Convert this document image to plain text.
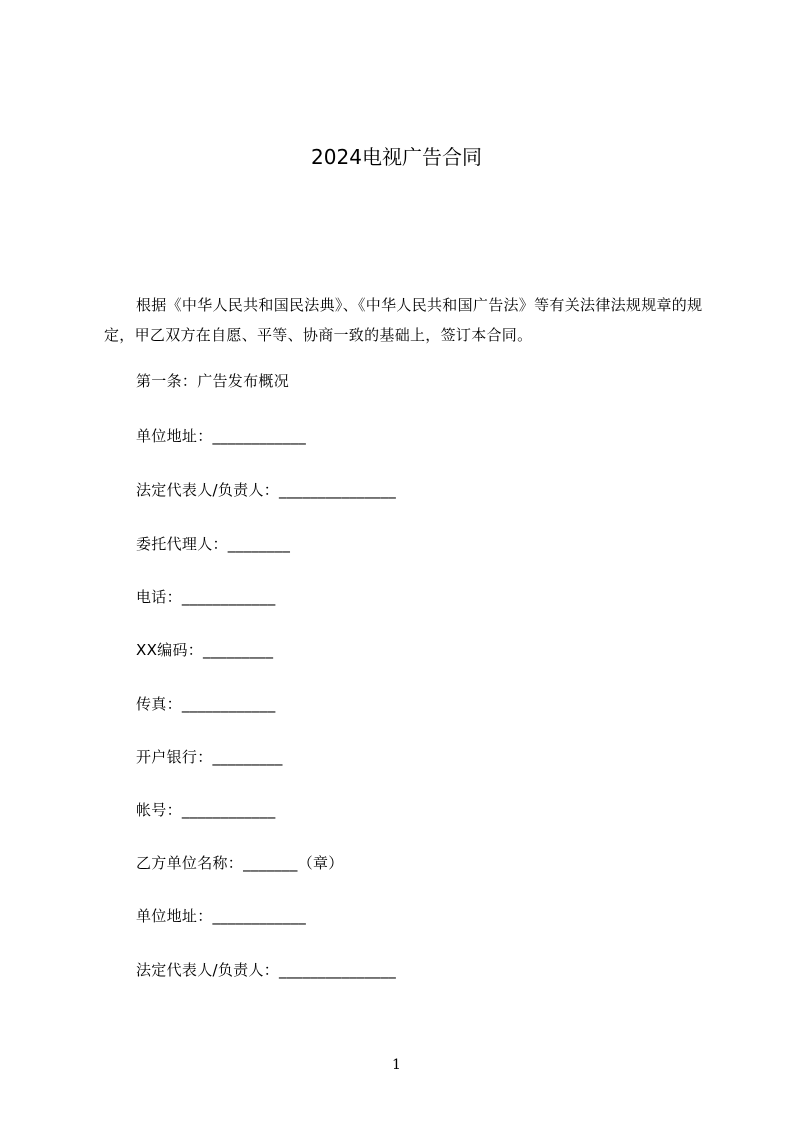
2024电视广告合同
根据《中华人民共和国民法典》、《中华人民共和国广告法》等有关法律法规规章的规定，甲乙双方在自愿、平等、协商一致的基础上，签订本合同。
第一条：广告发布概况
单位地址：____________
法定代表人/负责人：_______________
委托代理人：________
电话：____________
XX编码：_________
传真：____________
开户银行：_________
帐号：____________
乙方单位名称：_______（章）
单位地址：____________
法定代表人/负责人：_______________
1
